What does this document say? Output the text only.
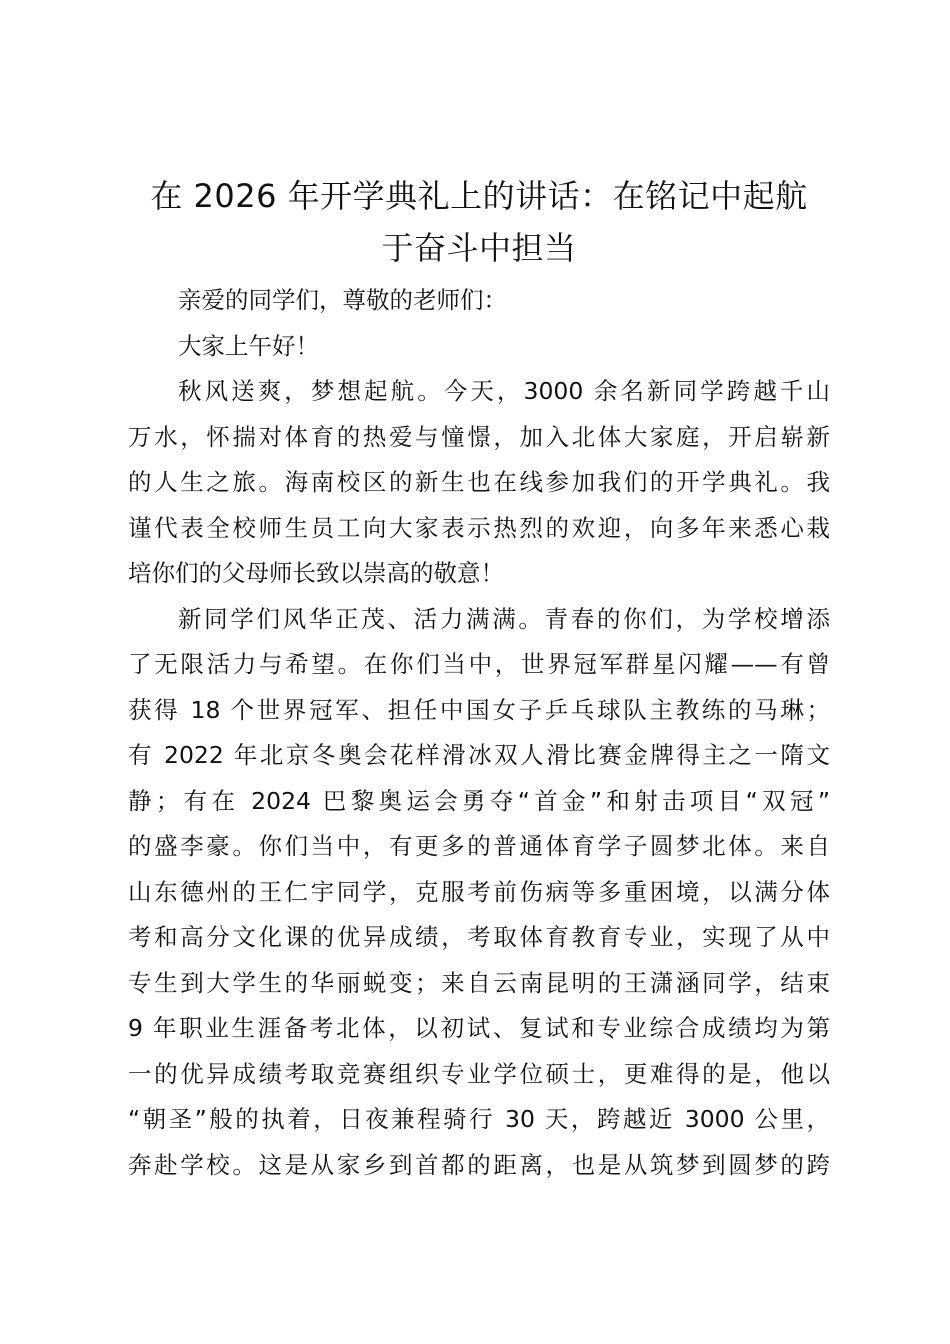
在 2026 年开学典礼上的讲话：在铭记中起航
于奋斗中担当

亲爱的同学们，尊敬的老师们：

大家上午好！

秋风送爽，梦想起航。今天，3000 余名新同学跨越千山
万水，怀揣对体育的热爱与憧憬，加入北体大家庭，开启崭新
的人生之旅。海南校区的新生也在线参加我们的开学典礼。我
谨代表全校师生员工向大家表示热烈的欢迎，向多年来悉心栽
培你们的父母师长致以崇高的敬意！

新同学们风华正茂、活力满满。青春的你们，为学校增添
了无限活力与希望。在你们当中，世界冠军群星闪耀——有曾
获得 18 个世界冠军、担任中国女子乒乓球队主教练的马琳；
有 2022 年北京冬奥会花样滑冰双人滑比赛金牌得主之一隋文
静；有在 2024 巴黎奥运会勇夺“首金”和射击项目“双冠”
的盛李豪。你们当中，有更多的普通体育学子圆梦北体。来自
山东德州的王仁宇同学，克服考前伤病等多重困境，以满分体
考和高分文化课的优异成绩，考取体育教育专业，实现了从中
专生到大学生的华丽蜕变；来自云南昆明的王潇涵同学，结束
9 年职业生涯备考北体，以初试、复试和专业综合成绩均为第
一的优异成绩考取竞赛组织专业学位硕士，更难得的是，他以
“朝圣”般的执着，日夜兼程骑行 30 天，跨越近 3000 公里，
奔赴学校。这是从家乡到首都的距离，也是从筑梦到圆梦的跨
